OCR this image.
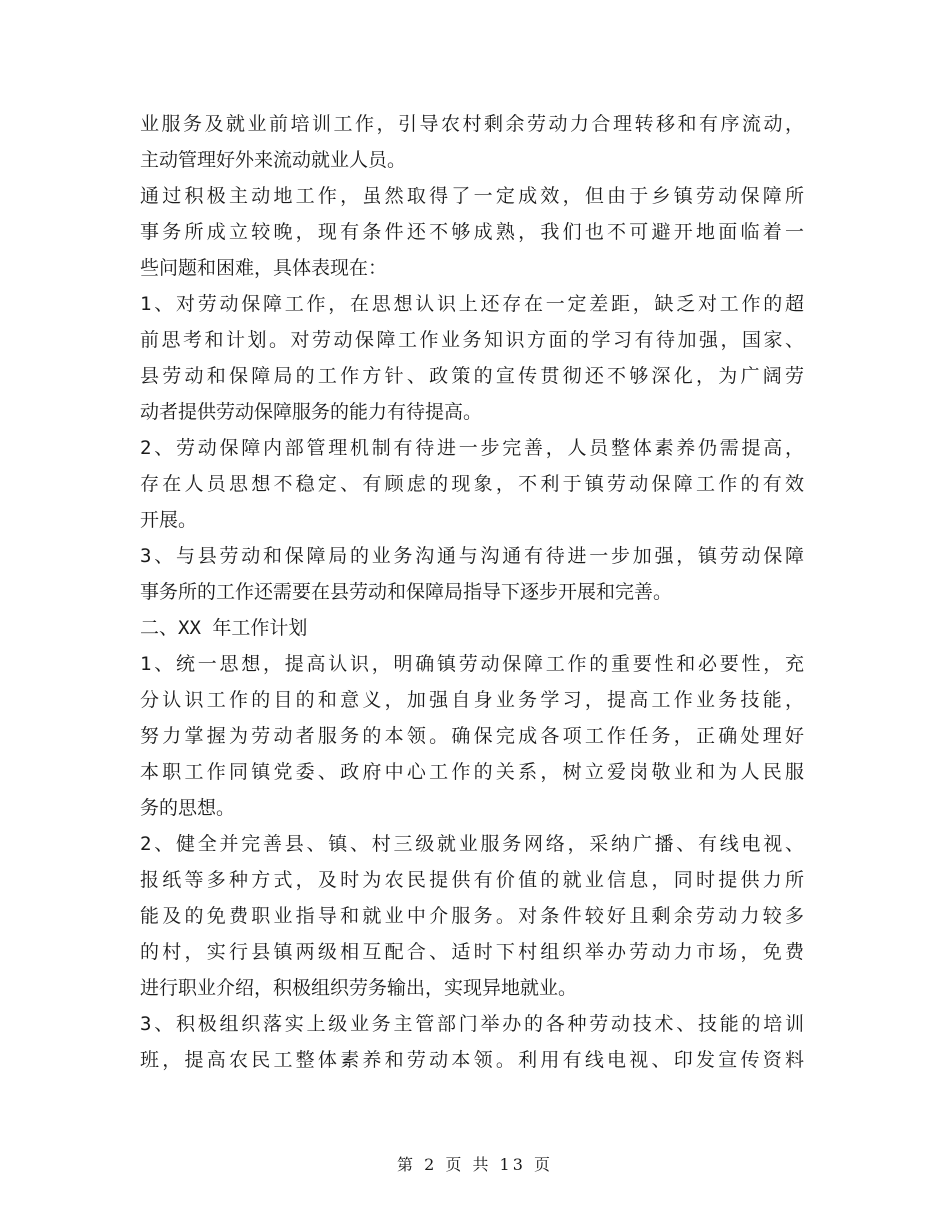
业服务及就业前培训工作，引导农村剩余劳动力合理转移和有序流动，
主动管理好外来流动就业人员。
通过积极主动地工作，虽然取得了一定成效，但由于乡镇劳动保障所
事务所成立较晚，现有条件还不够成熟，我们也不可避开地面临着一
些问题和困难，具体表现在：
1、对劳动保障工作，在思想认识上还存在一定差距，缺乏对工作的超
前思考和计划。对劳动保障工作业务知识方面的学习有待加强，国家、
县劳动和保障局的工作方针、政策的宣传贯彻还不够深化，为广阔劳
动者提供劳动保障服务的能力有待提高。
2、劳动保障内部管理机制有待进一步完善，人员整体素养仍需提高，
存在人员思想不稳定、有顾虑的现象，不利于镇劳动保障工作的有效
开展。
3、与县劳动和保障局的业务沟通与沟通有待进一步加强，镇劳动保障
事务所的工作还需要在县劳动和保障局指导下逐步开展和完善。
二、XX 年工作计划
1、统一思想，提高认识，明确镇劳动保障工作的重要性和必要性，充
分认识工作的目的和意义，加强自身业务学习，提高工作业务技能，
努力掌握为劳动者服务的本领。确保完成各项工作任务，正确处理好
本职工作同镇党委、政府中心工作的关系，树立爱岗敬业和为人民服
务的思想。
2、健全并完善县、镇、村三级就业服务网络，采纳广播、有线电视、
报纸等多种方式，及时为农民提供有价值的就业信息，同时提供力所
能及的免费职业指导和就业中介服务。对条件较好且剩余劳动力较多
的村，实行县镇两级相互配合、适时下村组织举办劳动力市场，免费
进行职业介绍，积极组织劳务输出，实现异地就业。
3、积极组织落实上级业务主管部门举办的各种劳动技术、技能的培训
班，提高农民工整体素养和劳动本领。利用有线电视、印发宣传资料
第 2 页 共 13 页
